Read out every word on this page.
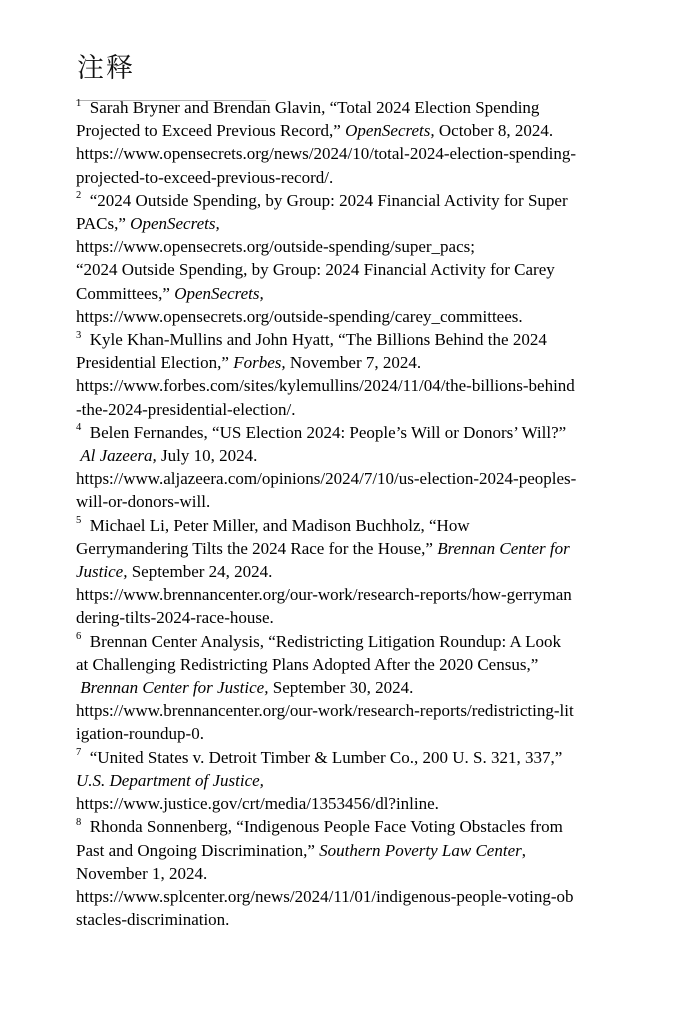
注释
$^1$  Sarah Bryner and Brendan Glavin, “Total 2024 Election Spending
Projected to Exceed Previous Record,” OpenSecrets, October 8, 2024.
https://www.opensecrets.org/news/2024/10/total-2024-election-spending-
projected-to-exceed-previous-record/.
$^2$  “2024 Outside Spending, by Group: 2024 Financial Activity for Super
PACs,” OpenSecrets,
https://www.opensecrets.org/outside-spending/super_pacs;
“2024 Outside Spending, by Group: 2024 Financial Activity for Carey
Committees,” OpenSecrets,
https://www.opensecrets.org/outside-spending/carey_committees.
$^3$  Kyle Khan-Mullins and John Hyatt, “The Billions Behind the 2024
Presidential Election,” Forbes, November 7, 2024.
https://www.forbes.com/sites/kylemullins/2024/11/04/the-billions-behind
-the-2024-presidential-election/.
$^4$  Belen Fernandes, “US Election 2024: People’s Will or Donors’ Will?”
Al Jazeera, July 10, 2024.
https://www.aljazeera.com/opinions/2024/7/10/us-election-2024-peoples-
will-or-donors-will.
$^5$  Michael Li, Peter Miller, and Madison Buchholz, “How
Gerrymandering Tilts the 2024 Race for the House,” Brennan Center for
Justice, September 24, 2024.
https://www.brennancenter.org/our-work/research-reports/how-gerryman
dering-tilts-2024-race-house.
$^6$  Brennan Center Analysis, “Redistricting Litigation Roundup: A Look
at Challenging Redistricting Plans Adopted After the 2020 Census,”
Brennan Center for Justice, September 30, 2024.
https://www.brennancenter.org/our-work/research-reports/redistricting-lit
igation-roundup-0.
$^7$  “United States v. Detroit Timber & Lumber Co., 200 U. S. 321, 337,”
U.S. Department of Justice,
https://www.justice.gov/crt/media/1353456/dl?inline.
$^8$  Rhonda Sonnenberg, “Indigenous People Face Voting Obstacles from
Past and Ongoing Discrimination,” Southern Poverty Law Center,
November 1, 2024.
https://www.splcenter.org/news/2024/11/01/indigenous-people-voting-ob
stacles-discrimination.
